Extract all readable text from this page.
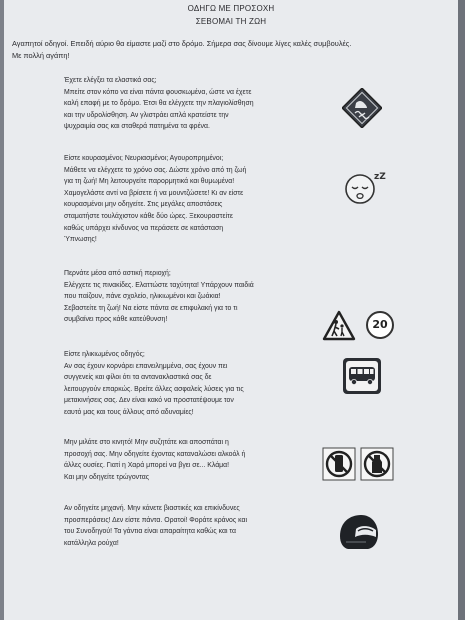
ΟΔΗΓΩ ΜΕ ΠΡΟΣΟΧΗ
ΣΕΒΟΜΑΙ ΤΗ ΖΩΗ
Αγαπητοί οδηγοί. Επειδή αύριο θα είμαστε μαζί στο δρόμο. Σήμερα σας δίνουμε λίγες καλές συμβουλές.
Με πολλή αγάπη!

Έχετε ελέγξει τα ελαστικά σας;

Μπείτε στον κόπο να είναι πάντα φουσκωμένα, ώστε να έχετε

καλή επαφή με το δρόμο. Έτσι θα ελέγχετε την πλαγιολίσθηση

και την υδρολίσθηση. Αν γλιστράει απλά κρατείστε την

ψυχραιμία σας και σταθερά πατημένα τα φρένα.

Είστε κουρασμένοι; Νευριασμένοι; Αγουροπρημένοι;

Μάθετε να ελέγχετε το χρόνο σας. Δώστε χρόνο από τη ζωή

για τη ζωή! Μη λειτουργείτε παρορμητικά και θυμωμένα!

Χαμογελάστε αντί να βρίσετε ή να μουντζώσετε! Κι αν είστε

κουρασμένοι μην οδηγείτε. Στις μεγάλες αποστάσεις

σταματήστε τουλάχιστον κάθε δύο ώρες. Ξεκουραστείτε

καθώς υπάρχει κίνδυνος να περάσετε σε κατάσταση

Ύπνωσης!

zZ

Περνάτε μέσα από αστική περιοχή;

Ελέγχετε τις πινακίδες. Ελαττώστε ταχύτητα! Υπάρχουν παιδιά

που παίζουν, πάνε σχολείο, ηλικιωμένοι και ζωάκια!

Σεβαστείτε τη ζωή! Να είστε πάντα σε επιφυλακή για το τι

συμβαίνει προς κάθε κατεύθυνση!	20

Είστε ηλικιωμένος οδηγός;

Αν σας έχουν κορνάρει επανειλημμένα, σας έχουν πει

συγγενείς και φίλοι ότι τα αντανακλαστικά σας δε

λειτουργούν επαρκώς. Βρείτε άλλες ασφαλείς λύσεις για τις

μετακινήσεις σας. Δεν είναι κακό να προστατέψουμε τον

εαυτό μας και τους άλλους από αδυναμίες!

Μην μιλάτε στο κινητό! Μην συζητάτε και αποσπάται η

προσοχή σας. Μην οδηγείτε έχοντας καταναλώσει αλκοόλ ή

άλλες ουσίες. Γιατί η Χαρά μπορεί να βγει σε... Κλάμα!

Και μην οδηγείτε τρώγοντας

Αν οδηγείτε μηχανή. Μην κάνετε βιαστικές και επικίνδυνες

προσπεράσεις! Δεν είστε πάντα. Ορατοί! Φοράτε κράνος και

του Συνοδηγού! Τα γάντια είναι απαραίτητα καθώς και τα

κατάλληλα ρούχα!
